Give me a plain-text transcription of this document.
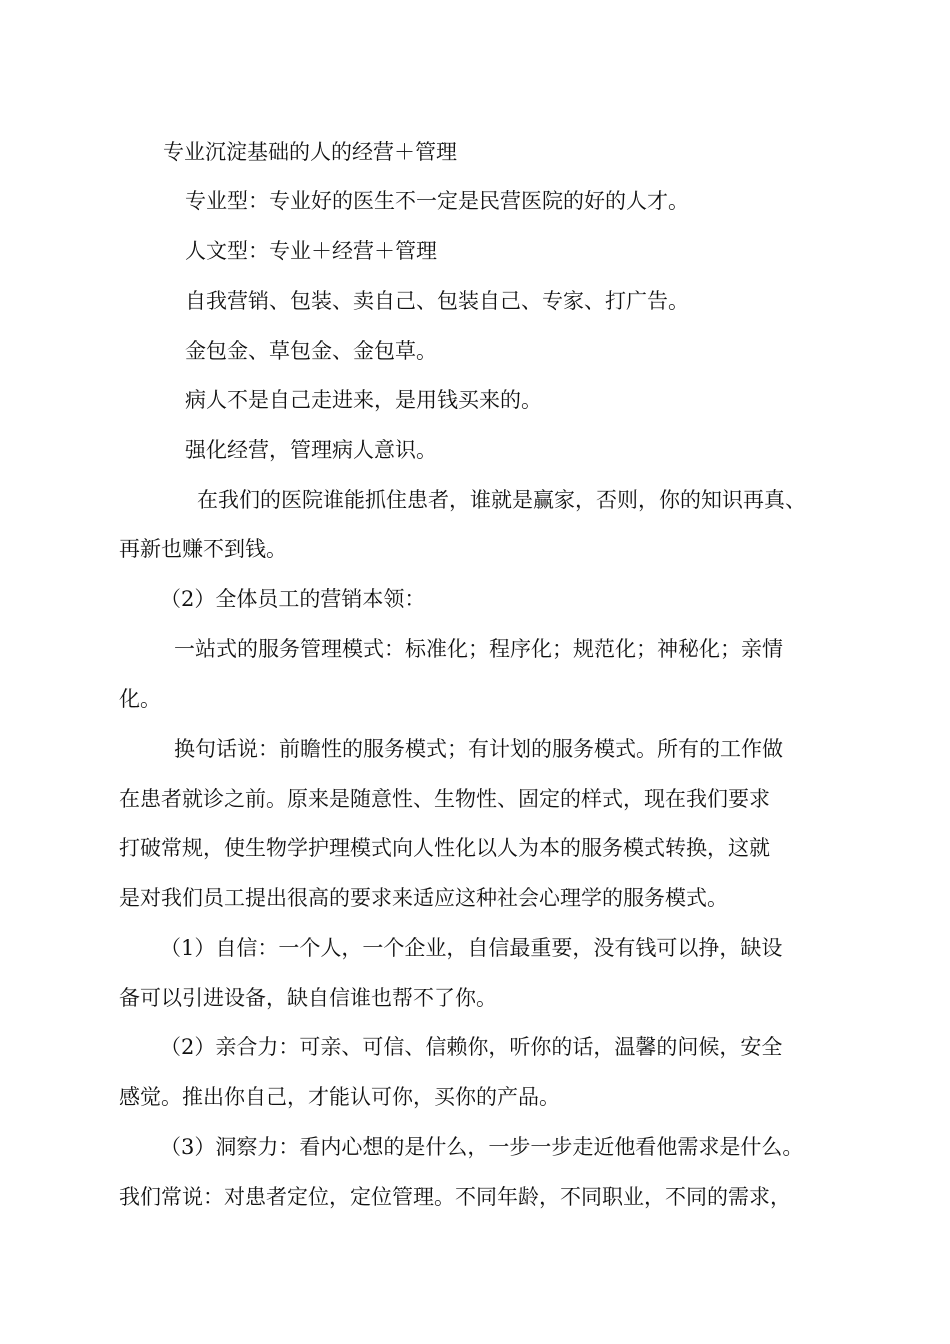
专业沉淀基础的人的经营＋管理
专业型：专业好的医生不一定是民营医院的好的人才。
人文型：专业＋经营＋管理
自我营销、包装、卖自己、包装自己、专家、打广告。
金包金、草包金、金包草。
病人不是自己走进来，是用钱买来的。
强化经营，管理病人意识。
在我们的医院谁能抓住患者，谁就是赢家，否则，你的知识再真、
再新也赚不到钱。
（2）全体员工的营销本领：
一站式的服务管理模式：标准化；程序化；规范化；神秘化；亲情
化。
换句话说：前瞻性的服务模式；有计划的服务模式。所有的工作做
在患者就诊之前。原来是随意性、生物性、固定的样式，现在我们要求
打破常规，使生物学护理模式向人性化以人为本的服务模式转换，这就
是对我们员工提出很高的要求来适应这种社会心理学的服务模式。
（1）自信：一个人，一个企业，自信最重要，没有钱可以挣，缺设
备可以引进设备，缺自信谁也帮不了你。
（2）亲合力：可亲、可信、信赖你，听你的话，温馨的问候，安全
感觉。推出你自己，才能认可你，买你的产品。
（3）洞察力：看内心想的是什么，一步一步走近他看他需求是什么。
我们常说：对患者定位，定位管理。不同年龄，不同职业，不同的需求，
